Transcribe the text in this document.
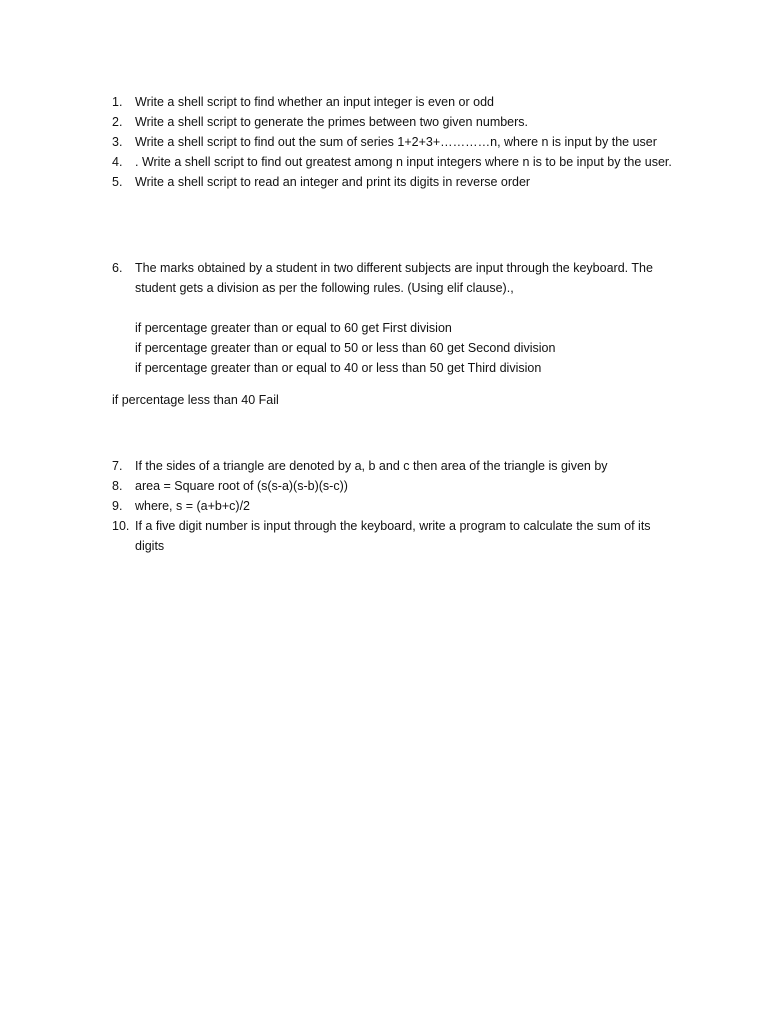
1.	Write a shell script to find whether an input integer is even or odd
2.	Write a shell script to generate the primes between two given numbers.
3.	Write a shell script to find out the sum of series 1+2+3+…………n, where n is input by the user
4.	. Write a shell script to find out greatest among n input integers where n is to be input by the user.
5.	Write a shell script to read an integer and print its digits in reverse order
6.	The marks obtained by a student in two different subjects are input through the keyboard. The student gets a division as per the following rules. (Using elif clause).,
if percentage greater than or equal to 60 get First division
if percentage greater than or equal to 50 or less than 60 get Second division
if percentage greater than or equal to 40 or less than 50 get Third division
if percentage less than 40 Fail
7.	If the sides of a triangle are denoted by a, b and c then area of the triangle is given by
8.	area = Square root of (s(s-a)(s-b)(s-c))
9.	where, s = (a+b+c)/2
10. If a five digit number is input through the keyboard, write a program to calculate the sum of its digits
